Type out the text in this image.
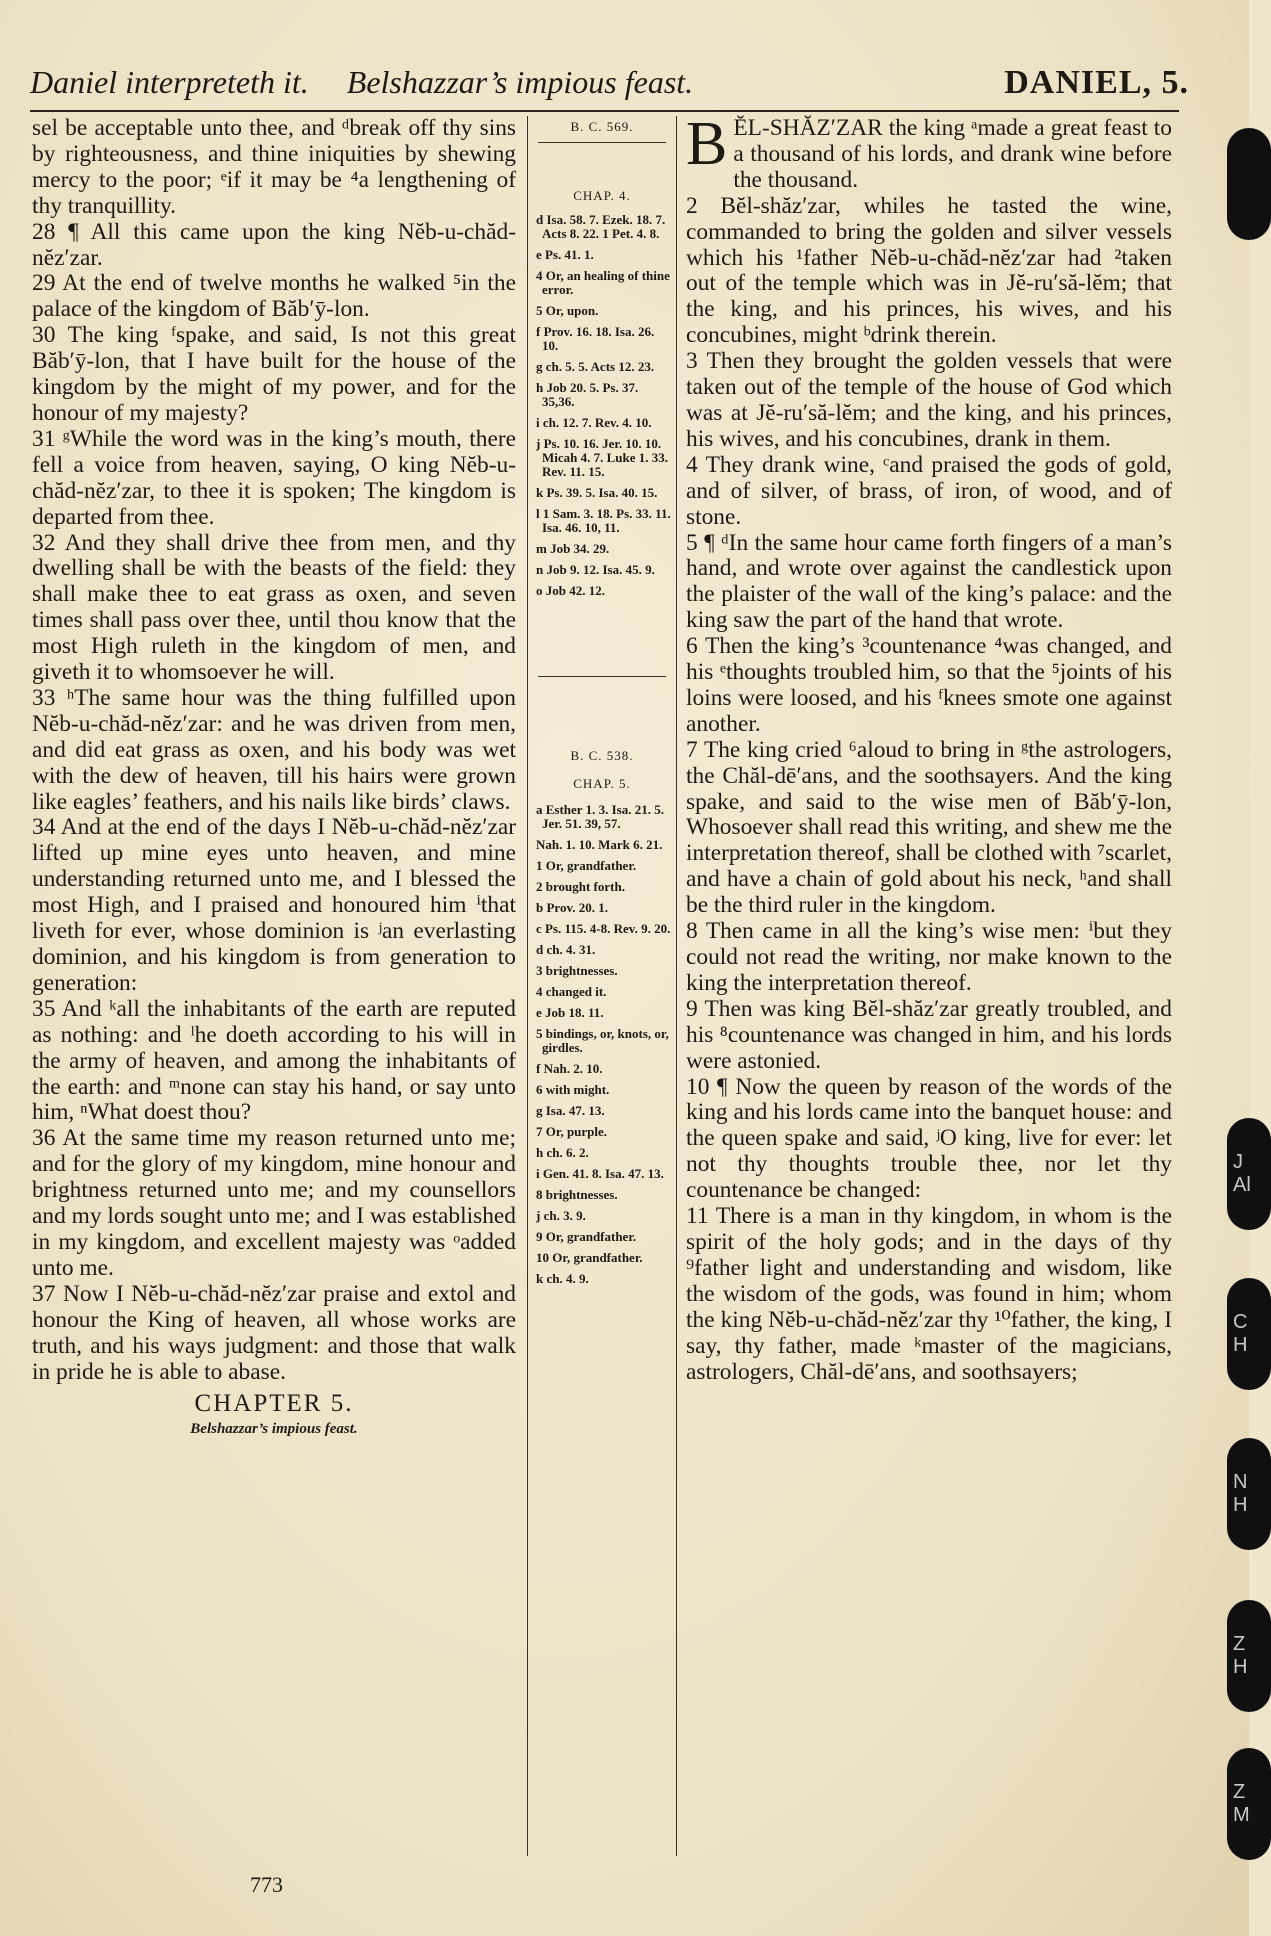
Daniel interpreteth it. Belshazzar’s impious feast.	DANIEL, 5.

sel be acceptable unto thee, and ᵈbreak off thy sins by righteousness, and thine iniquities by shewing mercy to the poor; ᵉif it may be ⁴a lengthening of thy tranquillity.

28 ¶ All this came upon the king Nĕb-u-chăd-nĕz′zar.

29 At the end of twelve months he walked ⁵in the palace of the kingdom of Băb′ȳ-lon.

30 The king ᶠspake, and said, Is not this great Băb′ȳ-lon, that I have built for the house of the kingdom by the might of my power, and for the honour of my majesty?

31 ᵍWhile the word was in the king’s mouth, there fell a voice from heaven, saying, O king Nĕb-u-chăd-nĕz′zar, to thee it is spoken; The kingdom is departed from thee.

32 And they shall drive thee from men, and thy dwelling shall be with the beasts of the field: they shall make thee to eat grass as oxen, and seven times shall pass over thee, until thou know that the most High ruleth in the kingdom of men, and giveth it to whomsoever he will.

33 ʰThe same hour was the thing fulfilled upon Nĕb-u-chăd-nĕz′zar: and he was driven from men, and did eat grass as oxen, and his body was wet with the dew of heaven, till his hairs were grown like eagles’ feathers, and his nails like birds’ claws.

34 And at the end of the days I Nĕb-u-chăd-nĕz′zar lifted up mine eyes unto heaven, and mine understanding returned unto me, and I blessed the most High, and I praised and honoured him ⁱthat liveth for ever, whose dominion is ʲan everlasting dominion, and his kingdom is from generation to generation:

35 And ᵏall the inhabitants of the earth are reputed as nothing: and ˡhe doeth according to his will in the army of heaven, and among the inhabitants of the earth: and ᵐnone can stay his hand, or say unto him, ⁿWhat doest thou?

36 At the same time my reason returned unto me; and for the glory of my kingdom, mine honour and brightness returned unto me; and my counsellors and my lords sought unto me; and I was established in my kingdom, and excellent majesty was ᵒadded unto me.

37 Now I Nĕb-u-chăd-nĕz′zar praise and extol and honour the King of heaven, all whose works are truth, and his ways judgment: and those that walk in pride he is able to abase.

CHAPTER 5.

Belshazzar’s impious feast.

773
B. C. 569.
CHAP. 4.
d Isa. 58. 7. Ezek. 18. 7. Acts 8. 22. 1 Pet. 4. 8.
e Ps. 41. 1.
4 Or, an healing of thine error.
5 Or, upon.
f Prov. 16. 18. Isa. 26. 10.
g ch. 5. 5. Acts 12. 23.
h Job 20. 5. Ps. 37. 35,36.
i ch. 12. 7. Rev. 4. 10.
j Ps. 10. 16. Jer. 10. 10. Micah 4. 7. Luke 1. 33. Rev. 11. 15.
k Ps. 39. 5. Isa. 40. 15.
l 1 Sam. 3. 18. Ps. 33. 11. Isa. 46. 10, 11.
m Job 34. 29.
n Job 9. 12. Isa. 45. 9.
o Job 42. 12.
B. C. 538.
CHAP. 5.
a Esther 1. 3. Isa. 21. 5. Jer. 51. 39, 57.
Nah. 1. 10. Mark 6. 21.
1 Or, grandfather.
2 brought forth.
b Prov. 20. 1.
c Ps. 115. 4-8. Rev. 9. 20.
d ch. 4. 31.
3 brightnesses.
4 changed it.
e Job 18. 11.
5 bindings, or, knots, or, girdles.
f Nah. 2. 10.
6 with might.
g Isa. 47. 13.
7 Or, purple.
h ch. 6. 2.
i Gen. 41. 8. Isa. 47. 13.
8 brightnesses.
j ch. 3. 9.
9 Or, grandfather.
10 Or, grandfather.
k ch. 4. 9.

BĔL-SHĂZ′ZAR the king ᵃmade a great feast to a thousand of his lords, and drank wine before the thousand.

2 Bĕl-shăz′zar, whiles he tasted the wine, commanded to bring the golden and silver vessels which his ¹father Nĕb-u-chăd-nĕz′zar had ²taken out of the temple which was in Jĕ-ru′să-lĕm; that the king, and his princes, his wives, and his concubines, might ᵇdrink therein.

3 Then they brought the golden vessels that were taken out of the temple of the house of God which was at Jĕ-ru′să-lĕm; and the king, and his princes, his wives, and his concubines, drank in them.

4 They drank wine, ᶜand praised the gods of gold, and of silver, of brass, of iron, of wood, and of stone.

5 ¶ ᵈIn the same hour came forth fingers of a man’s hand, and wrote over against the candlestick upon the plaister of the wall of the king’s palace: and the king saw the part of the hand that wrote.

6 Then the king’s ³countenance ⁴was changed, and his ᵉthoughts troubled him, so that the ⁵joints of his loins were loosed, and his ᶠknees smote one against another.

7 The king cried ⁶aloud to bring in ᵍthe astrologers, the Chăl-dē′ans, and the soothsayers. And the king spake, and said to the wise men of Băb′ȳ-lon, Whosoever shall read this writing, and shew me the interpretation thereof, shall be clothed with ⁷scarlet, and have a chain of gold about his neck, ʰand shall be the third ruler in the kingdom.

8 Then came in all the king’s wise men: ⁱbut they could not read the writing, nor make known to the king the interpretation thereof.

9 Then was king Bĕl-shăz′zar greatly troubled, and his ⁸countenance was changed in him, and his lords were astonied.

10 ¶ Now the queen by reason of the words of the king and his lords came into the banquet house: and the queen spake and said, ʲO king, live for ever: let not thy thoughts trouble thee, nor let thy countenance be changed:

11 There is a man in thy kingdom, in whom is the spirit of the holy gods; and in the days of thy ⁹father light and understanding and wisdom, like the wisdom of the gods, was found in him; whom the king Nĕb-u-chăd-nĕz′zar thy ¹⁰father, the king, I say, thy father, made ᵏmaster of the magicians, astrologers, Chăl-dē′ans, and soothsayers;

J
Al
C
H
N
H
Z
H
Z
M
